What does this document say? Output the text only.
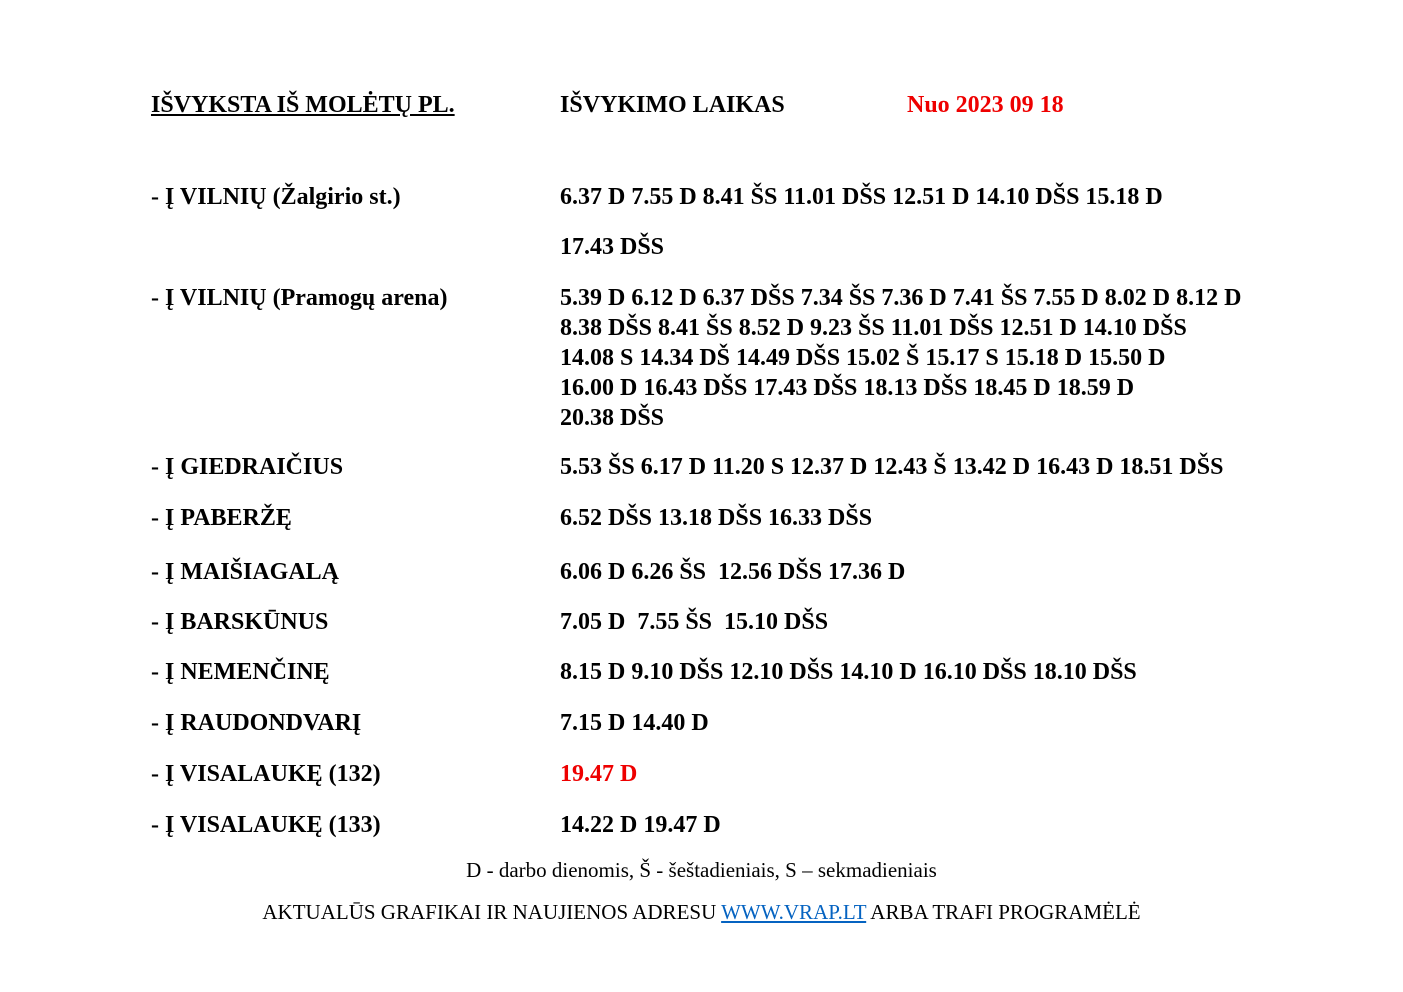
IŠVYKSTA IŠ MOLĖTŲ PL.	IŠVYKIMO LAIKAS	Nuo 2023 09 18
- Į VILNIŲ (Žalgirio st.)	6.37 D 7.55 D 8.41 ŠS 11.01 DŠS 12.51 D 14.10 DŠS 15.18 D
17.43 DŠS
- Į VILNIŲ (Pramogų arena)	5.39 D 6.12 D 6.37 DŠS 7.34 ŠS 7.36 D 7.41 ŠS 7.55 D 8.02 D 8.12 D
8.38 DŠS 8.41 ŠS 8.52 D 9.23 ŠS 11.01 DŠS 12.51 D 14.10 DŠS
14.08 S 14.34 DŠ 14.49 DŠS 15.02 Š 15.17 S 15.18 D 15.50 D
16.00 D 16.43 DŠS 17.43 DŠS 18.13 DŠS 18.45 D 18.59 D
20.38 DŠS
- Į GIEDRAIČIUS	5.53 ŠS 6.17 D 11.20 S 12.37 D 12.43 Š 13.42 D 16.43 D 18.51 DŠS
- Į PABERŽĘ	6.52 DŠS 13.18 DŠS 16.33 DŠS
- Į MAIŠIAGALĄ	6.06 D 6.26 ŠS  12.56 DŠS 17.36 D
- Į BARSKŪNUS	7.05 D  7.55 ŠS  15.10 DŠS
- Į NEMENČINĘ	8.15 D 9.10 DŠS 12.10 DŠS 14.10 D 16.10 DŠS 18.10 DŠS
- Į RAUDONDVARĮ	7.15 D 14.40 D
- Į VISALAUKĘ (132)	19.47 D
- Į VISALAUKĘ (133)	14.22 D 19.47 D
D - darbo dienomis, Š - šeštadieniais, S – sekmadieniais
AKTUALŪS GRAFIKAI IR NAUJIENOS ADRESU WWW.VRAP.LT ARBA TRAFI PROGRAMĖLĖ
